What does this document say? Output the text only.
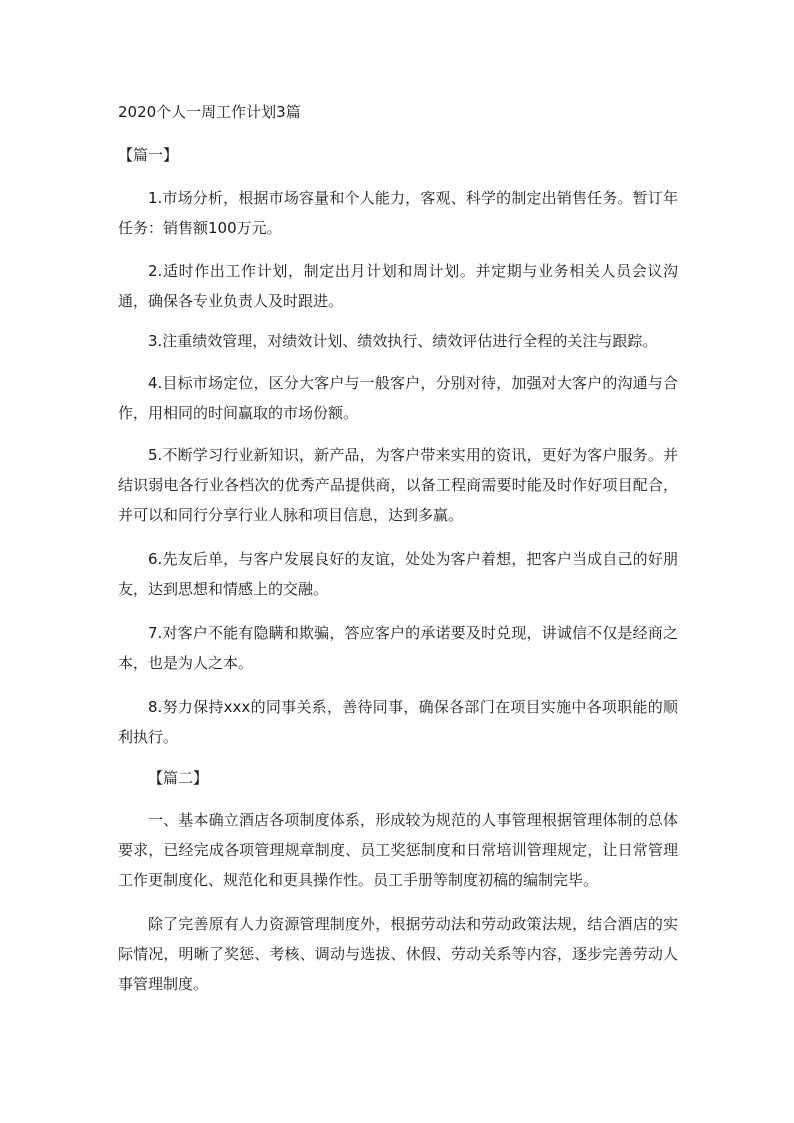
2020个人一周工作计划3篇
【篇一】

1.市场分析，根据市场容量和个人能力，客观、科学的制定出销售任务。暂订年任务：销售额100万元。

2.适时作出工作计划，制定出月计划和周计划。并定期与业务相关人员会议沟通，确保各专业负责人及时跟进。

3.注重绩效管理，对绩效计划、绩效执行、绩效评估进行全程的关注与跟踪。

4.目标市场定位，区分大客户与一般客户，分别对待，加强对大客户的沟通与合作，用相同的时间赢取的市场份额。

5.不断学习行业新知识，新产品，为客户带来实用的资讯，更好为客户服务。并结识弱电各行业各档次的优秀产品提供商，以备工程商需要时能及时作好项目配合，并可以和同行分享行业人脉和项目信息，达到多赢。

6.先友后单，与客户发展良好的友谊，处处为客户着想，把客户当成自己的好朋友，达到思想和情感上的交融。

7.对客户不能有隐瞒和欺骗，答应客户的承诺要及时兑现，讲诚信不仅是经商之本，也是为人之本。

8.努力保持xxx的同事关系，善待同事，确保各部门在项目实施中各项职能的顺利执行。

【篇二】

一、基本确立酒店各项制度体系，形成较为规范的人事管理根据管理体制的总体要求，已经完成各项管理规章制度、员工奖惩制度和日常培训管理规定，让日常管理工作更制度化、规范化和更具操作性。员工手册等制度初稿的编制完毕。

除了完善原有人力资源管理制度外，根据劳动法和劳动政策法规，结合酒店的实际情况，明晰了奖惩、考核、调动与选拔、休假、劳动关系等内容，逐步完善劳动人事管理制度。
